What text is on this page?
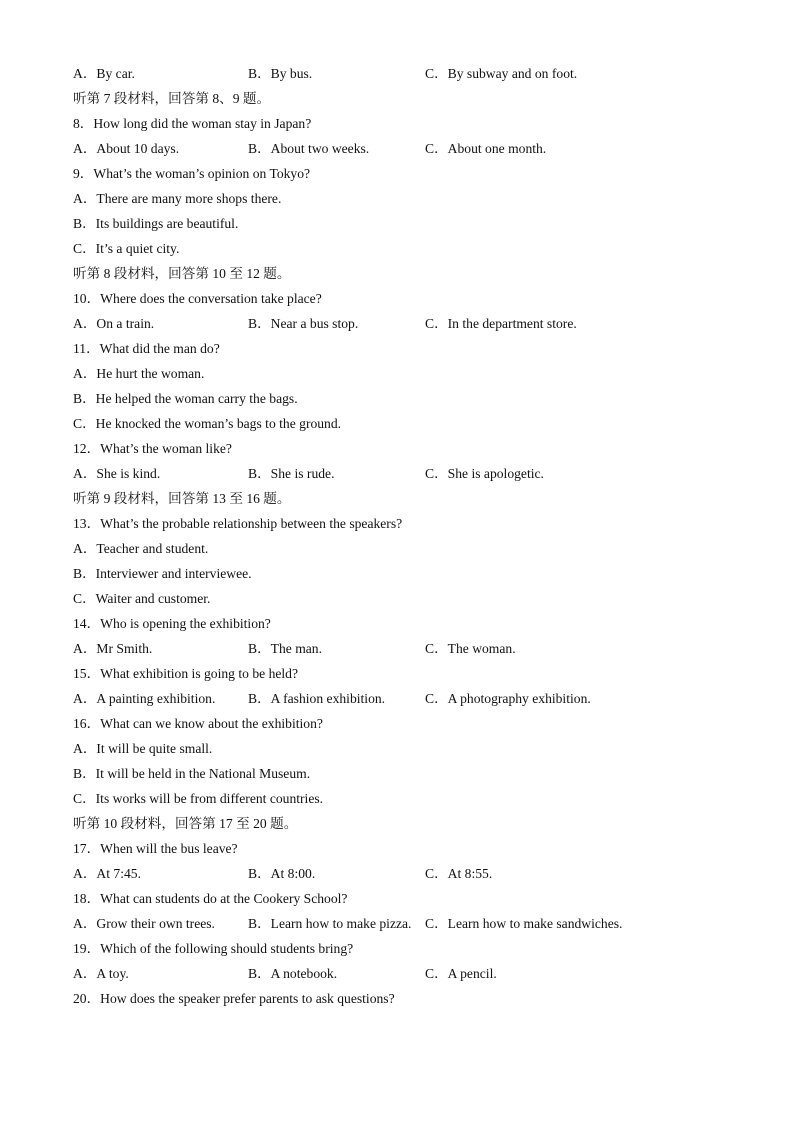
A．By car.	B．By bus.	C．By subway and on foot.
听第 7 段材料，回答第 8、9 题。
8．How long did the woman stay in Japan?
A．About 10 days.	B．About two weeks.	C．About one month.
9．What’s the woman’s opinion on Tokyo?
A．There are many more shops there.
B．Its buildings are beautiful.
C．It’s a quiet city.
听第 8 段材料，回答第 10 至 12 题。
10．Where does the conversation take place?
A．On a train.	B．Near a bus stop.	C．In the department store.
11．What did the man do?
A．He hurt the woman.
B．He helped the woman carry the bags.
C．He knocked the woman’s bags to the ground.
12．What’s the woman like?
A．She is kind.	B．She is rude.	C．She is apologetic.
听第 9 段材料，回答第 13 至 16 题。
13．What’s the probable relationship between the speakers?
A．Teacher and student.
B．Interviewer and interviewee.
C．Waiter and customer.
14．Who is opening the exhibition?
A．Mr Smith.	B．The man.	C．The woman.
15．What exhibition is going to be held?
A．A painting exhibition. B．A fashion exhibition.	C．A photography exhibition.
16．What can we know about the exhibition?
A．It will be quite small.
B．It will be held in the National Museum.
C．Its works will be from different countries.
听第 10 段材料，回答第 17 至 20 题。
17．When will the bus leave?
A．At 7:45.	B．At 8:00.	C．At 8:55.
18．What can students do at the Cookery School?
A．Grow their own trees. B．Learn how to make pizza. C．Learn how to make sandwiches.
19．Which of the following should students bring?
A．A toy.	B．A notebook.	C．A pencil.
20．How does the speaker prefer parents to ask questions?
